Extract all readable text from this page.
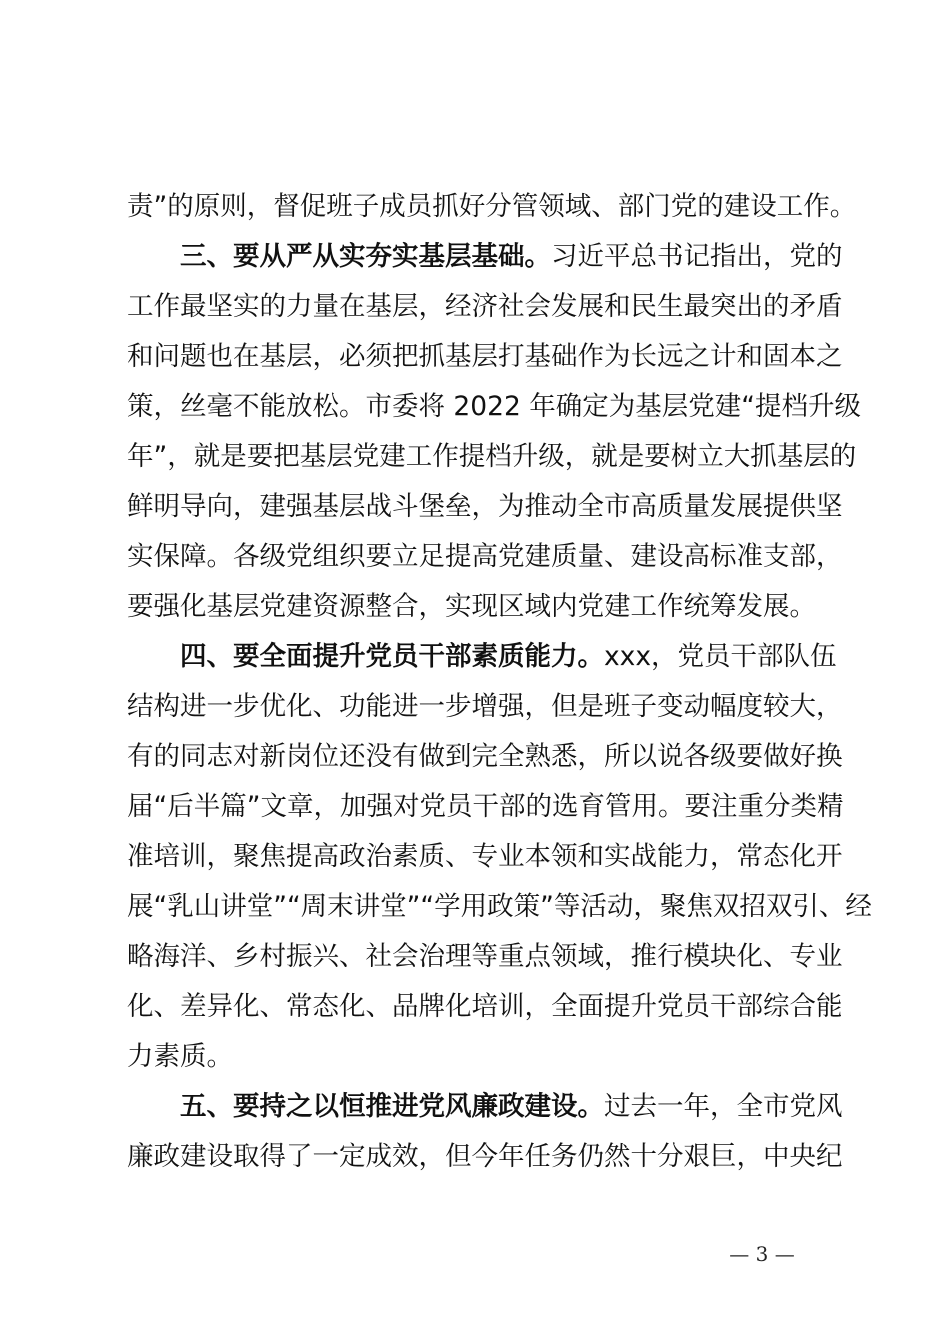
责”的原则，督促班子成员抓好分管领域、部门党的建设工作。
三、要从严从实夯实基层基础。习近平总书记指出，党的
工作最坚实的力量在基层，经济社会发展和民生最突出的矛盾
和问题也在基层，必须把抓基层打基础作为长远之计和固本之
策，丝毫不能放松。市委将 2022 年确定为基层党建“提档升级
年”，就是要把基层党建工作提档升级，就是要树立大抓基层的
鲜明导向，建强基层战斗堡垒，为推动全市高质量发展提供坚
实保障。各级党组织要立足提高党建质量、建设高标准支部，
要强化基层党建资源整合，实现区域内党建工作统筹发展。
四、要全面提升党员干部素质能力。xxx，党员干部队伍
结构进一步优化、功能进一步增强，但是班子变动幅度较大，
有的同志对新岗位还没有做到完全熟悉，所以说各级要做好换
届“后半篇”文章，加强对党员干部的选育管用。要注重分类精
准培训，聚焦提高政治素质、专业本领和实战能力，常态化开
展“乳山讲堂”“周末讲堂”“学用政策”等活动，聚焦双招双引、经
略海洋、乡村振兴、社会治理等重点领域，推行模块化、专业
化、差异化、常态化、品牌化培训，全面提升党员干部综合能
力素质。
五、要持之以恒推进党风廉政建设。过去一年，全市党风
廉政建设取得了一定成效，但今年任务仍然十分艰巨，中央纪
— 3 —
